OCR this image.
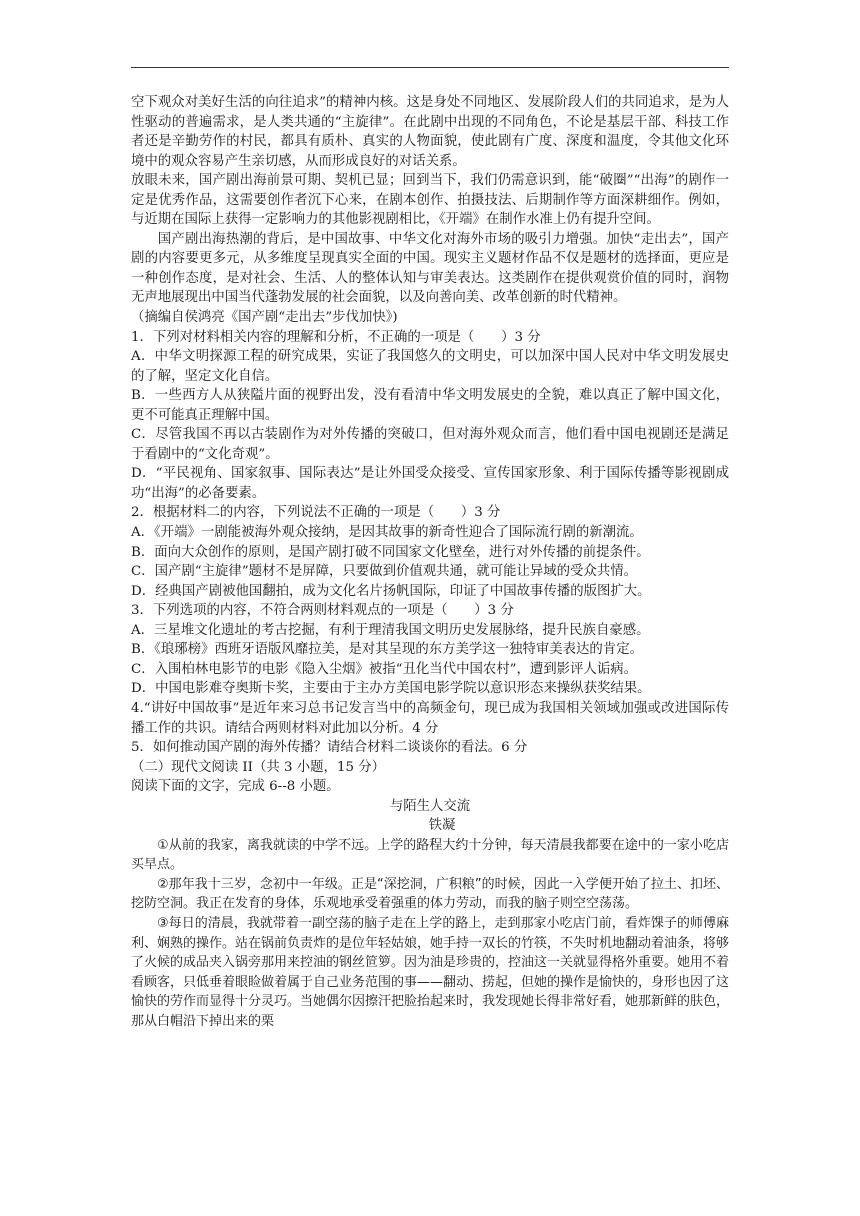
空下观众对美好生活的向往追求”的精神内核。这是身处不同地区、发展阶段人们的共同追求，是为人性驱动的普遍需求，是人类共通的“主旋律”。在此剧中出现的不同角色，不论是基层干部、科技工作者还是辛勤劳作的村民，都具有质朴、真实的人物面貌，使此剧有广度、深度和温度，令其他文化环境中的观众容易产生亲切感，从而形成良好的对话关系。

放眼未来，国产剧出海前景可期、契机已显；回到当下，我们仍需意识到，能“破圈”“出海”的剧作一定是优秀作品，这需要创作者沉下心来，在剧本创作、拍摄技法、后期制作等方面深耕细作。例如，与近期在国际上获得一定影响力的其他影视剧相比，《开端》在制作水准上仍有提升空间。

国产剧出海热潮的背后，是中国故事、中华文化对海外市场的吸引力增强。加快“走出去”，国产剧的内容要更多元，从多维度呈现真实全面的中国。现实主义题材作品不仅是题材的选择面，更应是一种创作态度，是对社会、生活、人的整体认知与审美表达。这类剧作在提供观赏价值的同时，润物无声地展现出中国当代蓬勃发展的社会面貌，以及向善向美、改革创新的时代精神。

（摘编自侯鸿亮《国产剧“走出去”步伐加快》)

1．下列对材料相关内容的理解和分析，不正确的一项是（　　）3 分

A．中华文明探源工程的研究成果，实证了我国悠久的文明史，可以加深中国人民对中华文明发展史的了解，坚定文化自信。

B．一些西方人从狭隘片面的视野出发，没有看清中华文明发展史的全貌，难以真正了解中国文化，更不可能真正理解中国。

C．尽管我国不再以古装剧作为对外传播的突破口，但对海外观众而言，他们看中国电视剧还是满足于看剧中的“文化奇观”。

D．“平民视角、国家叙事、国际表达”是让外国受众接受、宣传国家形象、利于国际传播等影视剧成功“出海”的必备要素。

2．根据材料二的内容，下列说法不正确的一项是（　　）3 分

A．《开端》一剧能被海外观众接纳，是因其故事的新奇性迎合了国际流行剧的新潮流。

B．面向大众创作的原则，是国产剧打破不同国家文化壁垒，进行对外传播的前提条件。

C．国产剧“主旋律”题材不是屏障，只要做到价值观共通，就可能让异域的受众共情。

D．经典国产剧被他国翻拍，成为文化名片扬帆国际，印证了中国故事传播的版图扩大。

3．下列选项的内容，不符合两则材料观点的一项是（　　）3 分

A．三星堆文化遗址的考古挖掘，有利于理清我国文明历史发展脉络，提升民族自豪感。

B．《琅琊榜》西班牙语版风靡拉美，是对其呈现的东方美学这一独特审美表达的肯定。

C．入围柏林电影节的电影《隐入尘烟》被指“丑化当代中国农村”，遭到影评人诟病。

D．中国电影难夺奥斯卡奖，主要由于主办方美国电影学院以意识形态来操纵获奖结果。

4.“讲好中国故事”是近年来习总书记发言当中的高频金句，现已成为我国相关领域加强或改进国际传播工作的共识。请结合两则材料对此加以分析。4 分

5．如何推动国产剧的海外传播？请结合材料二谈谈你的看法。6 分

（二）现代文阅读 II（共 3 小题，15 分）

阅读下面的文字，完成 6--8 小题。

与陌生人交流

铁凝

①从前的我家，离我就读的中学不远。上学的路程大约十分钟，每天清晨我都要在途中的一家小吃店买早点。

②那年我十三岁，念初中一年级。正是“深挖洞，广积粮”的时候，因此一入学便开始了拉土、扣坯、挖防空洞。我正在发育的身体，乐观地承受着强重的体力劳动，而我的脑子则空空荡荡。

③每日的清晨，我就带着一副空荡的脑子走在上学的路上，走到那家小吃店门前，看炸馃子的师傅麻利、娴熟的操作。站在锅前负责炸的是位年轻姑娘，她手持一双长的竹筷，不失时机地翻动着油条，将够了火候的成品夹入锅旁那用来控油的钢丝笸箩。因为油是珍贵的，控油这一关就显得格外重要。她用不着看顾客，只低垂着眼睑做着属于自己业务范围的事——翻动、捞起，但她的操作是愉快的，身形也因了这愉快的劳作而显得十分灵巧。当她偶尔因擦汗把脸抬起来时，我发现她长得非常好看，她那新鲜的肤色，那从白帽沿下掉出来的栗
